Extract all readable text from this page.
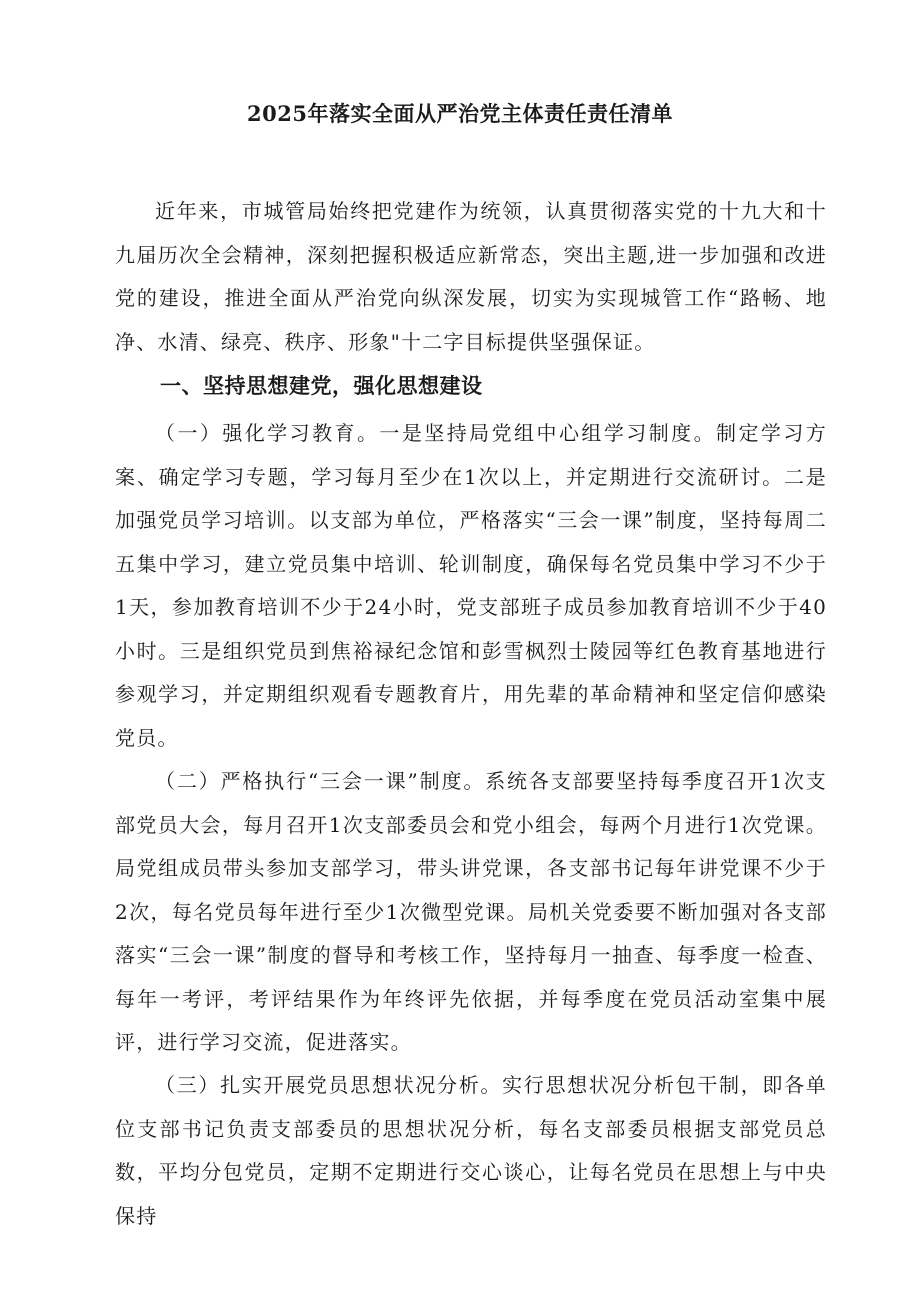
2025年落实全面从严治党主体责任责任清单

近年来，市城管局始终把党建作为统领，认真贯彻落实党的十九大和十九届历次全会精神，深刻把握积极适应新常态，突出主题,进一步加强和改进党的建设，推进全面从严治党向纵深发展，切实为实现城管工作“路畅、地净、水清、绿亮、秩序、形象"十二字目标提供坚强保证。

一、坚持思想建党，强化思想建设

（一）强化学习教育。一是坚持局党组中心组学习制度。制定学习方案、确定学习专题，学习每月至少在1次以上，并定期进行交流研讨。二是加强党员学习培训。以支部为单位，严格落实“三会一课”制度，坚持每周二五集中学习，建立党员集中培训、轮训制度，确保每名党员集中学习不少于1天，参加教育培训不少于24小时，党支部班子成员参加教育培训不少于40小时。三是组织党员到焦裕禄纪念馆和彭雪枫烈士陵园等红色教育基地进行参观学习，并定期组织观看专题教育片，用先辈的革命精神和坚定信仰感染党员。

（二）严格执行“三会一课”制度。系统各支部要坚持每季度召开1次支部党员大会，每月召开1次支部委员会和党小组会，每两个月进行1次党课。局党组成员带头参加支部学习，带头讲党课，各支部书记每年讲党课不少于2次，每名党员每年进行至少1次微型党课。局机关党委要不断加强对各支部落实“三会一课”制度的督导和考核工作，坚持每月一抽查、每季度一检查、每年一考评，考评结果作为年终评先依据，并每季度在党员活动室集中展评，进行学习交流，促进落实。

（三）扎实开展党员思想状况分析。实行思想状况分析包干制，即各单位支部书记负责支部委员的思想状况分析，每名支部委员根据支部党员总数，平均分包党员，定期不定期进行交心谈心，让每名党员在思想上与中央保持
